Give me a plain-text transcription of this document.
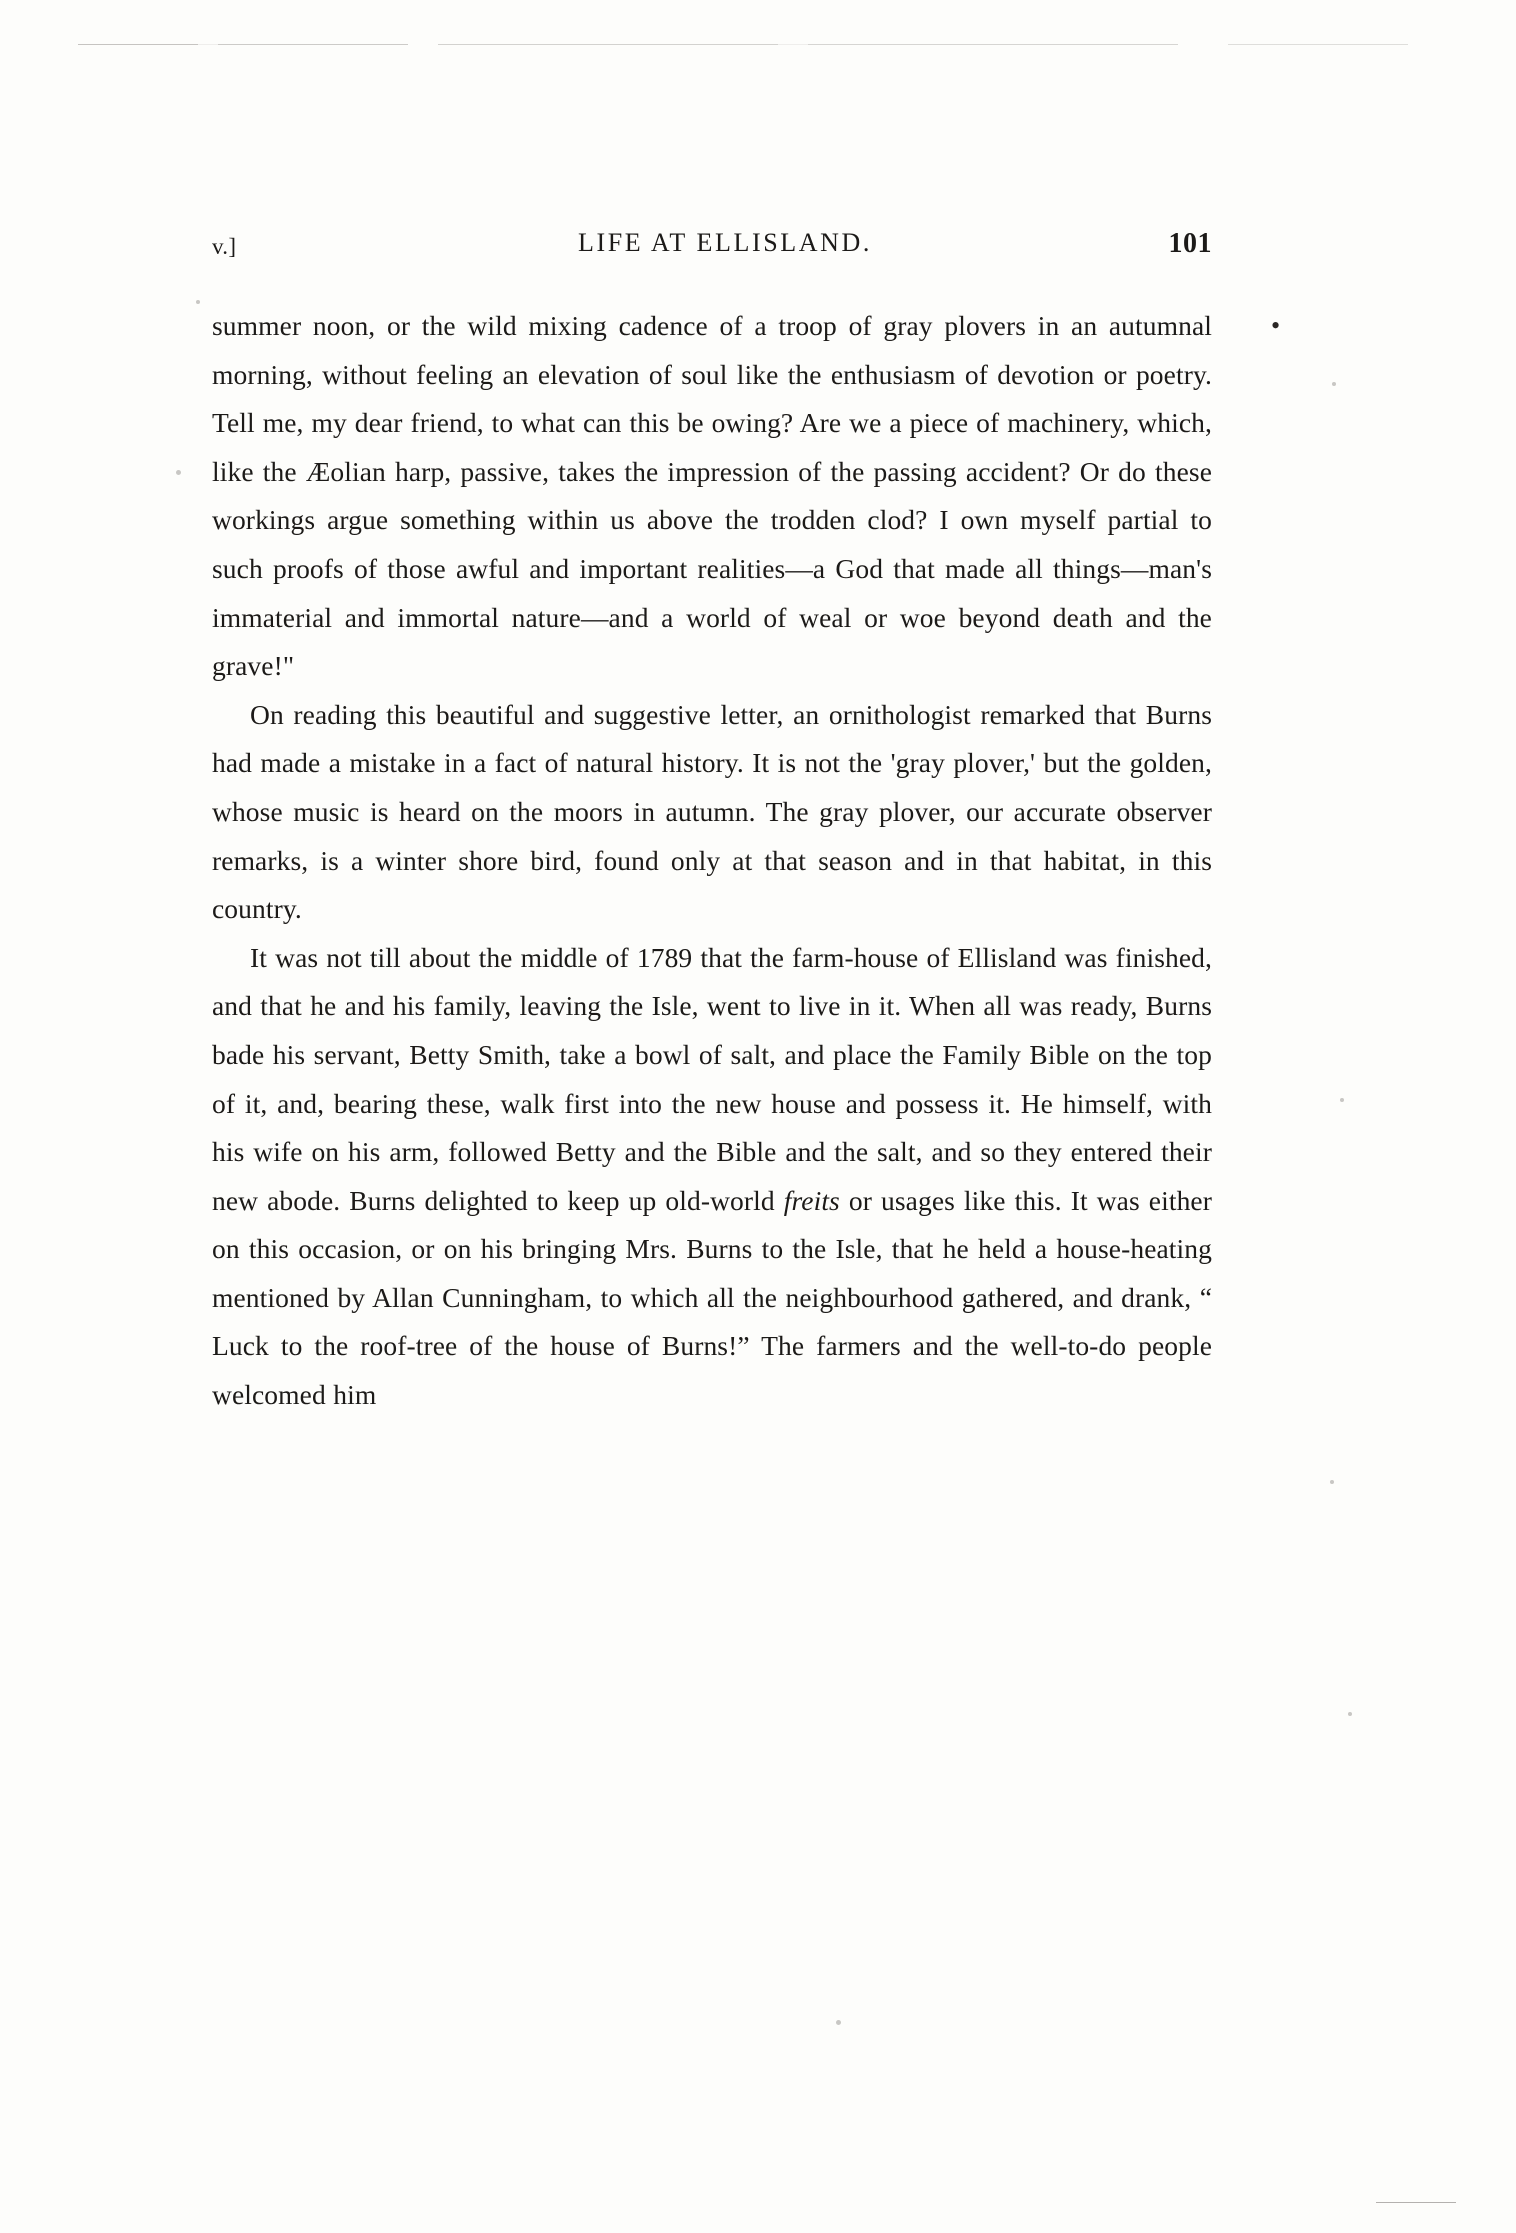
•
v.]	LIFE AT ELLISLAND.	101

summer noon, or the wild mixing cadence of a troop of gray plovers in an autumnal morning, without feeling an elevation of soul like the enthusiasm of devotion or poetry. Tell me, my dear friend, to what can this be owing? Are we a piece of machinery, which, like the Æolian harp, passive, takes the impression of the passing accident? Or do these workings argue something within us above the trodden clod? I own myself partial to such proofs of those awful and important realities—a God that made all things—man's immaterial and immortal nature—and a world of weal or woe beyond death and the grave!"

On reading this beautiful and suggestive letter, an ornithologist remarked that Burns had made a mistake in a fact of natural history. It is not the 'gray plover,' but the golden, whose music is heard on the moors in autumn. The gray plover, our accurate observer remarks, is a winter shore bird, found only at that season and in that habitat, in this country.

It was not till about the middle of 1789 that the farm-house of Ellisland was finished, and that he and his family, leaving the Isle, went to live in it. When all was ready, Burns bade his servant, Betty Smith, take a bowl of salt, and place the Family Bible on the top of it, and, bearing these, walk first into the new house and possess it. He himself, with his wife on his arm, followed Betty and the Bible and the salt, and so they entered their new abode. Burns delighted to keep up old-world freits or usages like this. It was either on this occasion, or on his bringing Mrs. Burns to the Isle, that he held a house-heating mentioned by Allan Cunningham, to which all the neighbourhood gathered, and drank, “ Luck to the roof-tree of the house of Burns!” The farmers and the well-to-do people welcomed him
